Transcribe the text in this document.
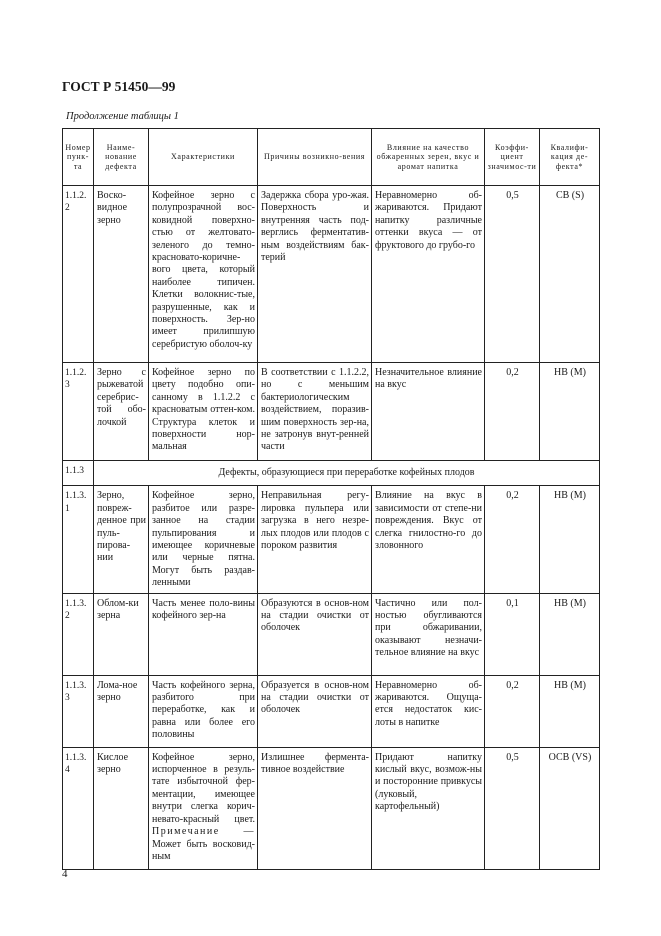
ГОСТ Р 51450—99
Продолжение таблицы 1
Номер пунк-та	Наиме-нование дефекта	Характеристики	Причины возникно-вения	Влияние на качество обжаренных зерен, вкус и аромат напитка	Коэффи-циент значимос-ти	Квалифи-кация де-фекта*
1.1.2.2	Воско-видное зерно	Кофейное зерно с полупрозрачной вос-ковидной поверхно-стью от желтовато-зеленого до темно-красновато-коричне-вого цвета, который наиболее типичен. Клетки волокнис-тые, разрушенные, как и поверхность. Зер-но имеет прилипшую серебристую оболоч-ку	Задержка сбора уро-жая. Поверхность и внутренняя часть под-верглись ферментатив-ным воздействиям бак-терий	Неравномерно об-жариваются. Придают напитку различные оттенки вкуса — от фруктового до грубо-го	0,5	СВ (S)
1.1.2.3	Зерно с рыжеватой серебрис-той обо-лочкой	Кофейное зерно по цвету подобно опи-санному в 1.1.2.2 с красноватым оттен-ком. Структура клеток и поверхности нор-мальная	В соответствии с 1.1.2.2, но с меньшим бактериологическим воздействием, поразив-шим поверхность зер-на, не затронув внут-ренней части	Незначительное влияние на вкус	0,2	НВ (М)
1.1.3	Дефекты, образующиеся при переработке кофейных плодов					
1.1.3.1	Зерно, повреж-денное при пуль-пирова-нии	Кофейное зерно, разбитое или разре-занное на стадии пульпирования и имеющее коричневые или черные пятна. Могут быть раздав-ленными	Неправильная регу-лировка пульпера или загрузка в него незре-лых плодов или плодов с пороком развития	Влияние на вкус в зависимости от степе-ни повреждения. Вкус от слегка гнилостно-го до зловонного	0,2	НВ (М)
1.1.3.2	Облом-ки зерна	Часть менее поло-вины кофейного зер-на	Образуются в основ-ном на стадии очистки от оболочек	Частично или пол-ностью обугливаются при обжаривании, оказывают незначи-тельное влияние на вкус	0,1	НВ (М)
1.1.3.3	Лома-ное зерно	Часть кофейного зерна, разбитого при переработке, как и равна или более его половины	Образуется в основ-ном на стадии очистки от оболочек	Неравномерно об-жариваются. Ощуща-ется недостаток кис-лоты в напитке	0,2	НВ (М)
1.1.3.4	Кислое зерно	Кофейное зерно, испорченное в резуль-тате избыточной фер-ментации, имеющее внутри слегка корич-невато-красный цвет. Примечание — Может быть восковид-ным	Излишнее фермента-тивное воздействие	Придают напитку кислый вкус, возмож-ны и посторонние привкусы (луковый, картофельный)	0,5	ОСВ (VS)
4
